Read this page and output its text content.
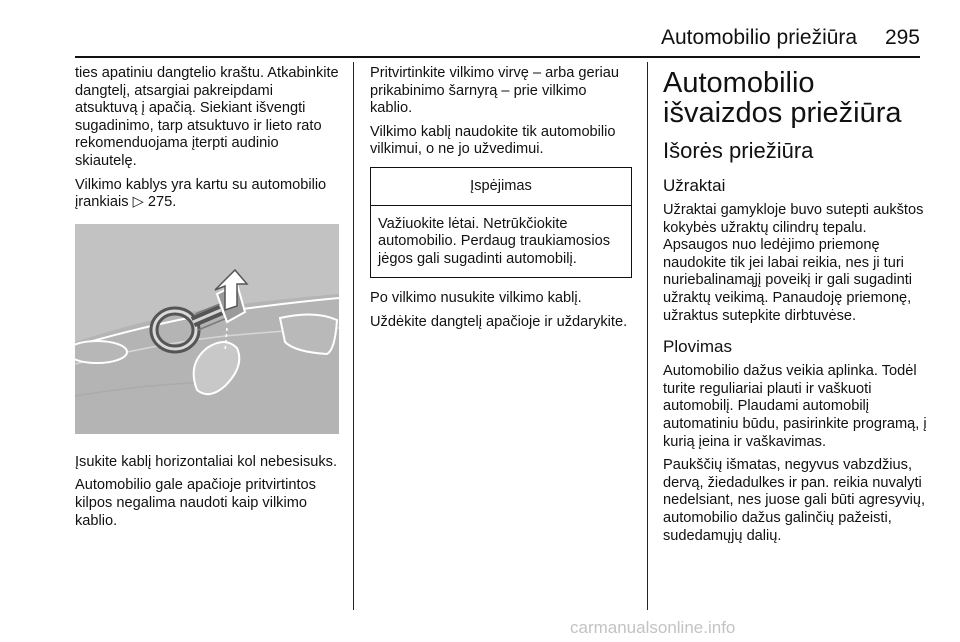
Automobilio priežiūra 295

ties apatiniu dangtelio kraštu. Atkabinkite dangtelį, atsargiai pakreipdami atsuktuvą į apačią. Siekiant išvengti sugadinimo, tarp atsuktuvo ir lieto rato rekomenduojama įterpti audinio skiautelę.

Vilkimo kablys yra kartu su automobilio įrankiais ▷ 275.

Įsukite kablį horizontaliai kol nebesisuks.

Automobilio gale apačioje pritvirtintos kilpos negalima naudoti kaip vilkimo kablio.

Pritvirtinkite vilkimo virvę – arba geriau prikabinimo šarnyrą – prie vilkimo kablio.

Vilkimo kablį naudokite tik automobilio vilkimui, o ne jo užvedimui.

Įspėjimas
Važiuokite lėtai. Netrūkčiokite automobilio. Perdaug traukiamosios jėgos gali sugadinti automobilį.

Po vilkimo nusukite vilkimo kablį.

Uždėkite dangtelį apačioje ir uždarykite.

Automobilio išvaizdos priežiūra
Išorės priežiūra
Užraktai

Užraktai gamykloje buvo sutepti aukštos kokybės užraktų cilindrų tepalu. Apsaugos nuo ledėjimo priemonę naudokite tik jei labai reikia, nes ji turi nuriebalinamąjį poveikį ir gali sugadinti užraktų veikimą. Panaudoję priemonę, užraktus sutepkite dirbtuvėse.

Plovimas

Automobilio dažus veikia aplinka. Todėl turite reguliariai plauti ir vaškuoti automobilį. Plaudami automobilį automatiniu būdu, pasirinkite programą, į kurią įeina ir vaškavimas.

Paukščių išmatas, negyvus vabzdžius, dervą, žiedadulkes ir pan. reikia nuvalyti nedelsiant, nes juose gali būti agresyvių, automobilio dažus galinčių pažeisti, sudedamųjų dalių.

carmanualsonline.info
